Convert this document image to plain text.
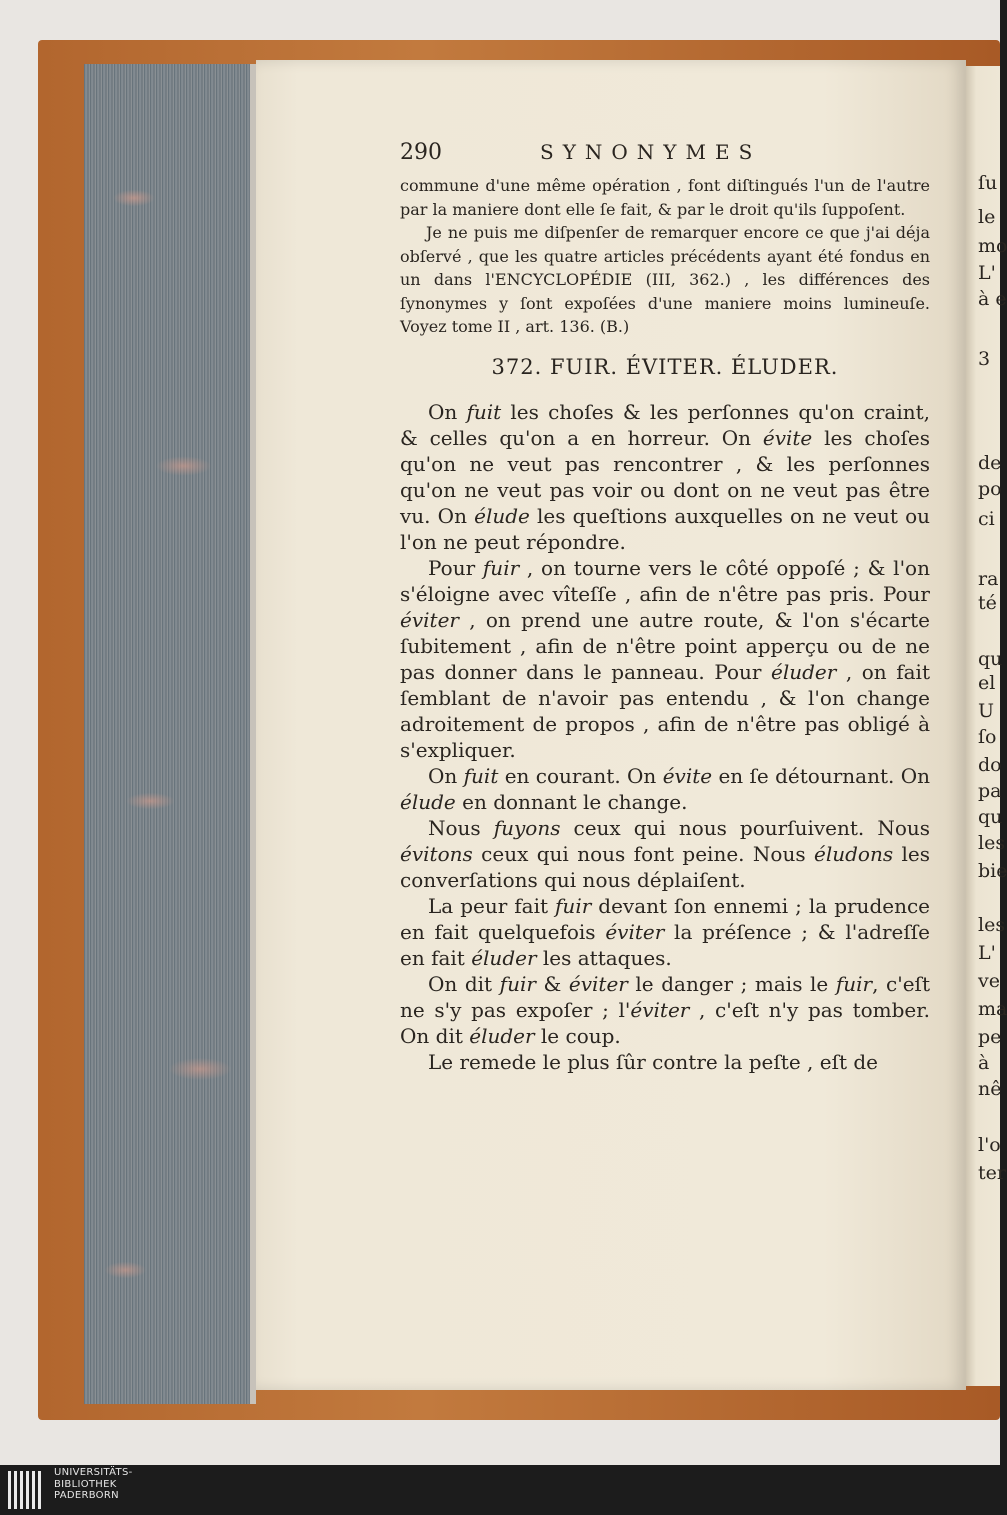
ſu
le
mo
L'
à e
3
de
po
ci
ra
té
qu
el
U
ſo
do
pa
qu
les
bie
les
L'
ve
ma
pe
à
nê
l'o
ter
290	SYNONYMES

commune d'une même opération , font diſtingués l'un de l'autre par la maniere dont elle ſe fait, & par le droit qu'ils ſuppoſent.

Je ne puis me diſpenſer de remarquer encore ce que j'ai déja obſervé , que les quatre articles précédents ayant été fondus en un dans l'ENCYCLOPÉDIE (III, 362.) , les différences des ſynonymes y ſont expoſées d'une maniere moins lumineuſe. Voyez tome II , art. 136. (B.)

372. FUIR. ÉVITER. ÉLUDER.

On fuit les choſes & les perſonnes qu'on craint, & celles qu'on a en horreur. On évite les choſes qu'on ne veut pas rencontrer , & les perſonnes qu'on ne veut pas voir ou dont on ne veut pas être vu. On élude les queſtions auxquelles on ne veut ou l'on ne peut répondre.

Pour fuir , on tourne vers le côté oppoſé ; & l'on s'éloigne avec vîteſſe , afin de n'être pas pris. Pour éviter , on prend une autre route, & l'on s'écarte ſubitement , afin de n'être point apperçu ou de ne pas donner dans le panneau. Pour éluder , on fait ſemblant de n'avoir pas entendu , & l'on change adroitement de propos , afin de n'être pas obligé à s'expliquer.

On fuit en courant. On évite en ſe détournant. On élude en donnant le change.

Nous fuyons ceux qui nous pourſuivent. Nous évitons ceux qui nous font peine. Nous éludons les converſations qui nous déplaiſent.

La peur fait fuir devant ſon ennemi ; la prudence en fait quelquefois éviter la préſence ; & l'adreſſe en fait éluder les attaques.

On dit fuir & éviter le danger ; mais le fuir, c'eſt ne s'y pas expoſer ; l'éviter , c'eſt n'y pas tomber. On dit éluder le coup.

Le remede le plus ſûr contre la peſte , eſt de

UNIVERSITÄTS-
BIBLIOTHEK
PADERBORN
